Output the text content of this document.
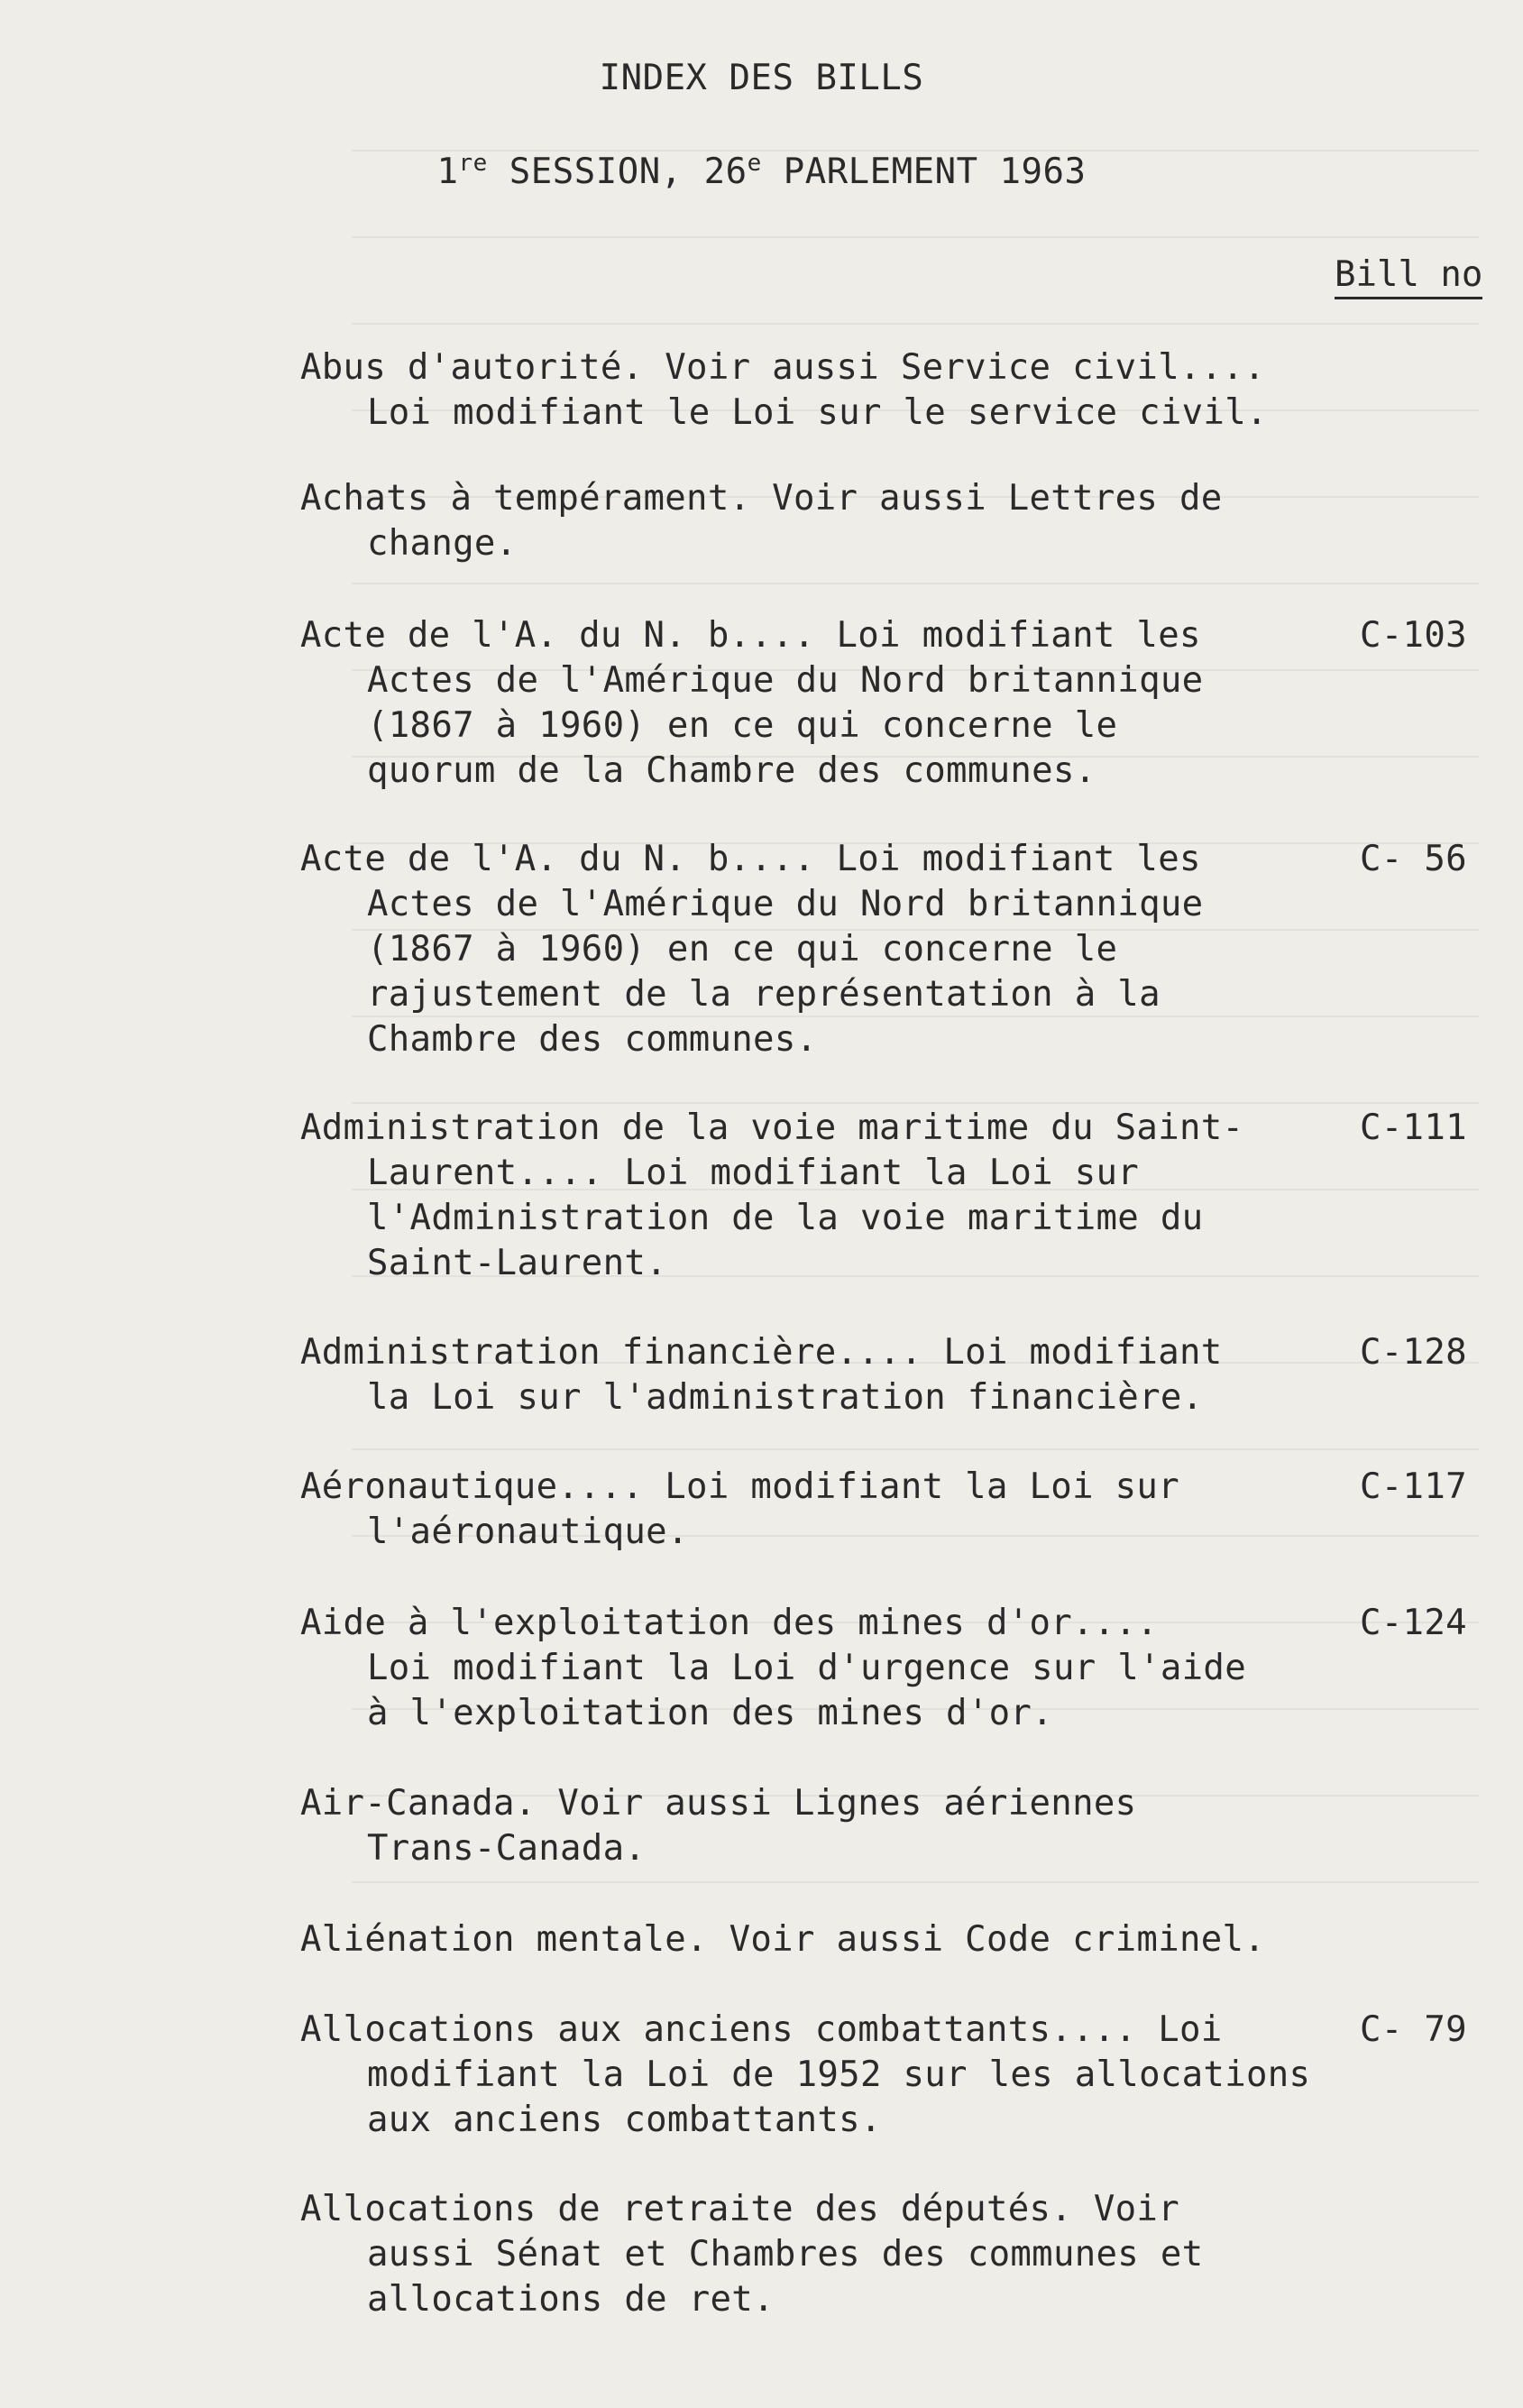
INDEX DES BILLS
1re SESSION, 26e PARLEMENT 1963
Bill no
Abus d'autorité. Voir aussi Service civil....
Loi modifiant le Loi sur le service civil.
Achats à tempérament. Voir aussi Lettres de
change.
Acte de l'A. du N. b.... Loi modifiant les
Actes de l'Amérique du Nord britannique
(1867 à 1960) en ce qui concerne le
quorum de la Chambre des communes.
C-103
Acte de l'A. du N. b.... Loi modifiant les
Actes de l'Amérique du Nord britannique
(1867 à 1960) en ce qui concerne le
rajustement de la représentation à la
Chambre des communes.
C- 56
Administration de la voie maritime du Saint-
Laurent.... Loi modifiant la Loi sur
l'Administration de la voie maritime du
Saint-Laurent.
C-111
Administration financière.... Loi modifiant
la Loi sur l'administration financière.
C-128
Aéronautique.... Loi modifiant la Loi sur
l'aéronautique.
C-117
Aide à l'exploitation des mines d'or....
Loi modifiant la Loi d'urgence sur l'aide
à l'exploitation des mines d'or.
C-124
Air-Canada. Voir aussi Lignes aériennes
Trans-Canada.
Aliénation mentale. Voir aussi Code criminel.
Allocations aux anciens combattants.... Loi
modifiant la Loi de 1952 sur les allocations
aux anciens combattants.
C- 79
Allocations de retraite des députés. Voir
aussi Sénat et Chambres des communes et
allocations de ret.
